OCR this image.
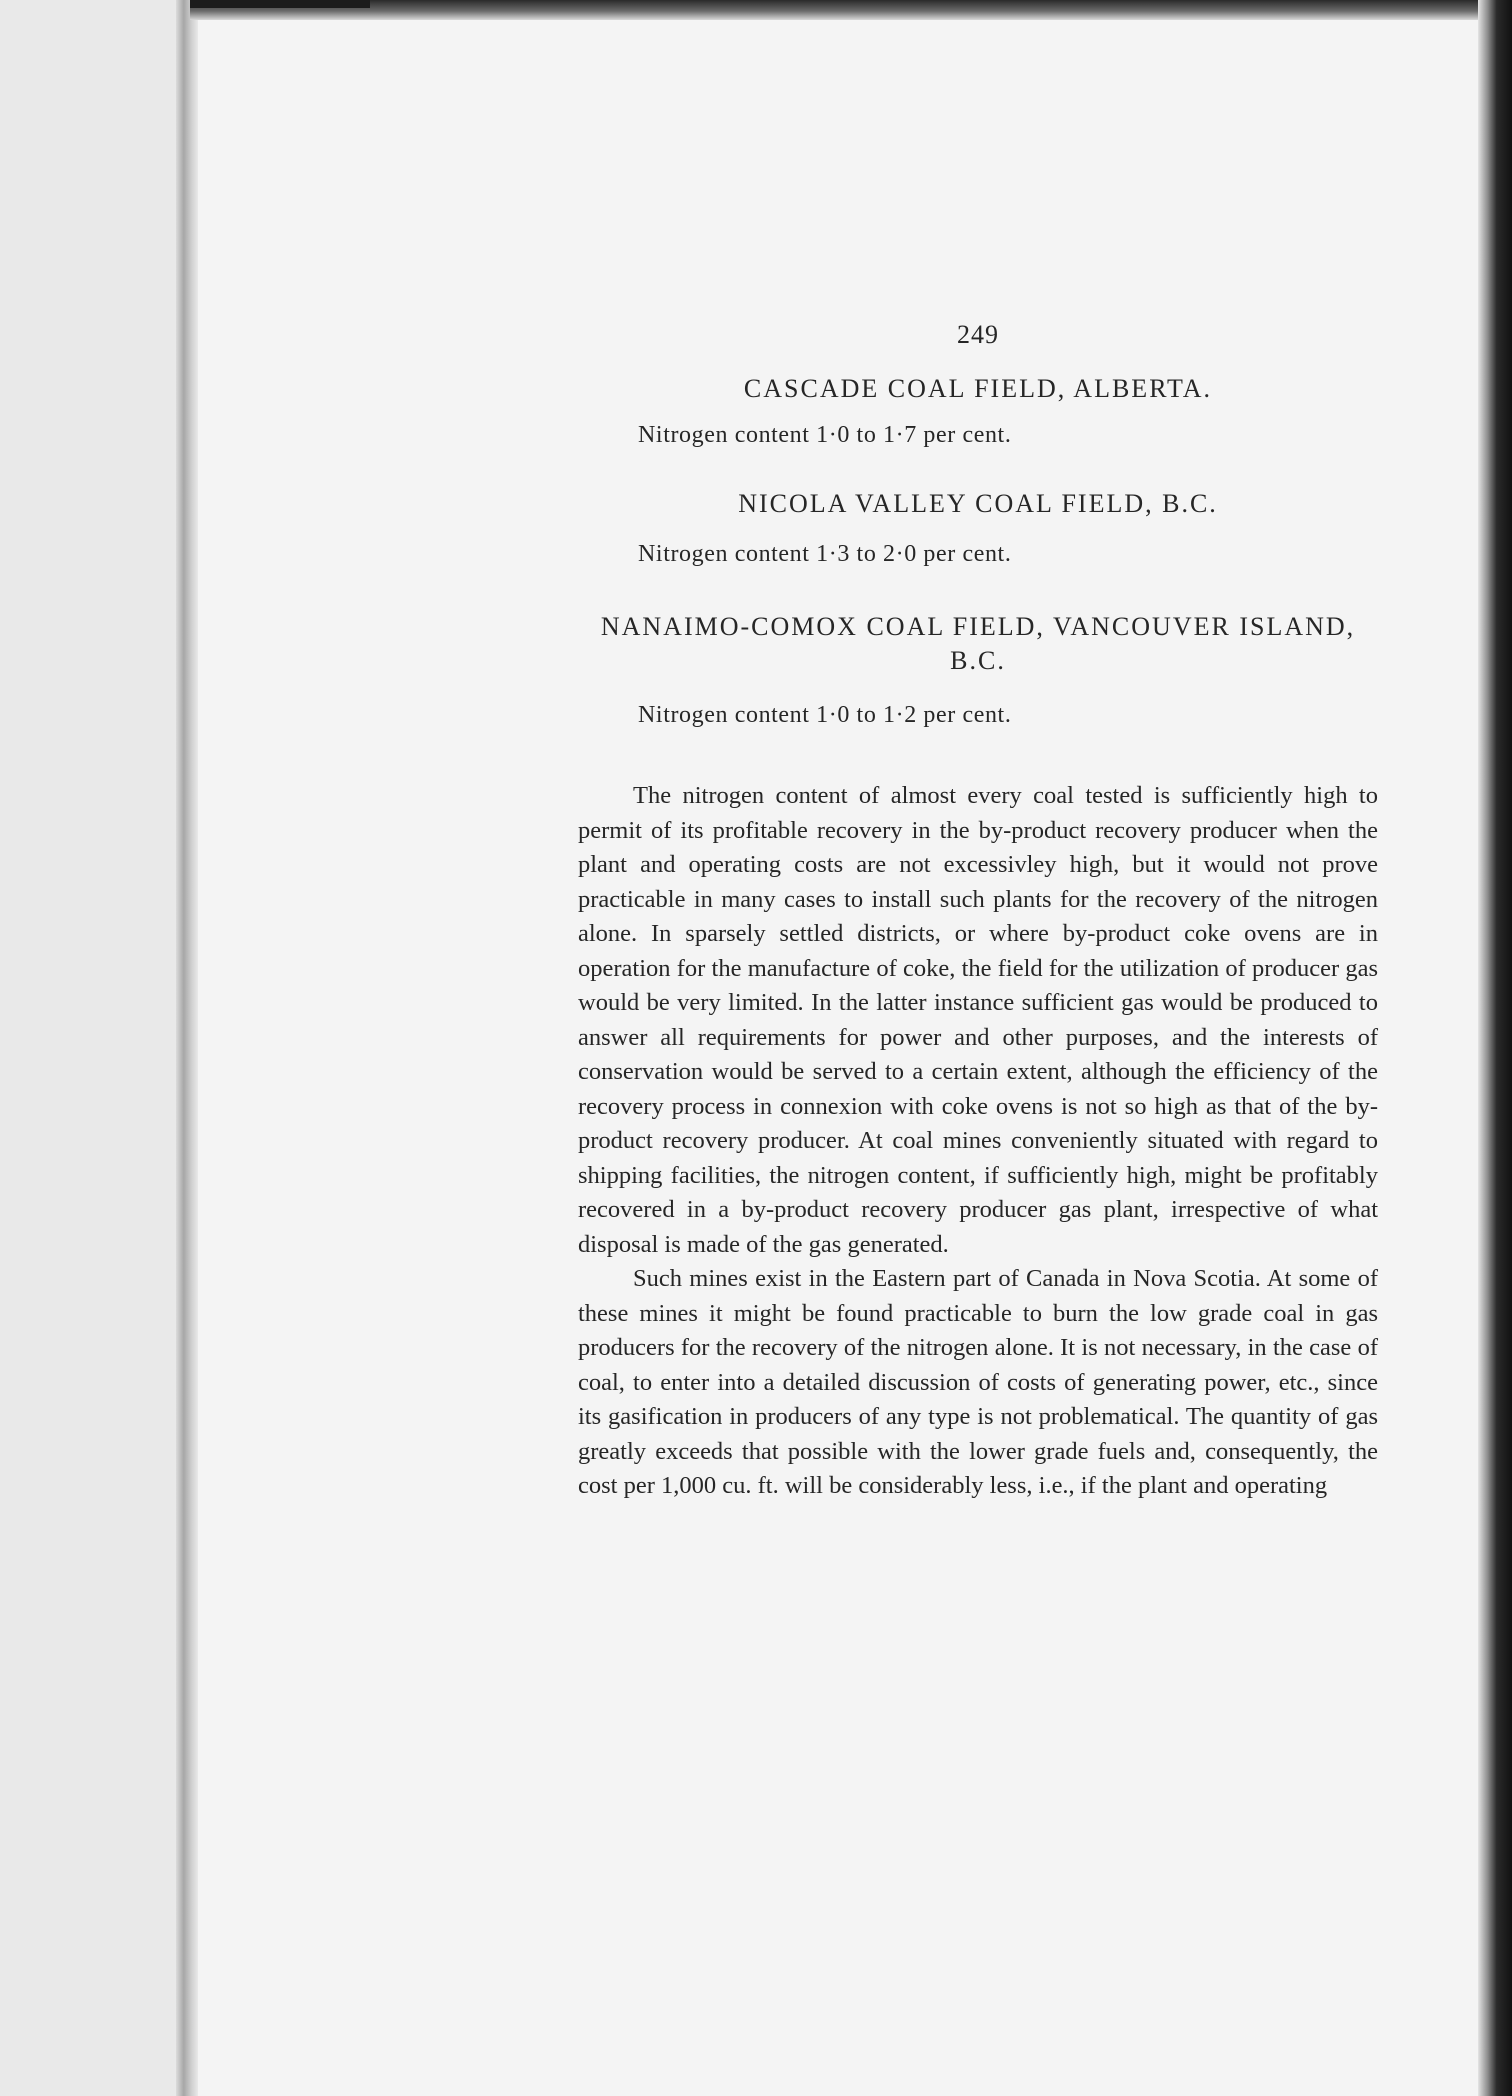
249
CASCADE COAL FIELD, ALBERTA.

Nitrogen content 1·0 to 1·7 per cent.

NICOLA VALLEY COAL FIELD, B.C.

Nitrogen content 1·3 to 2·0 per cent.

NANAIMO-COMOX COAL FIELD, VANCOUVER ISLAND, B.C.

Nitrogen content 1·0 to 1·2 per cent.

The nitrogen content of almost every coal tested is sufficiently high to permit of its profitable recovery in the by-product recovery producer when the plant and operating costs are not excessivley high, but it would not prove practicable in many cases to install such plants for the recovery of the nitrogen alone. In sparsely settled districts, or where by-product coke ovens are in operation for the manufacture of coke, the field for the utilization of producer gas would be very limited. In the latter instance sufficient gas would be produced to answer all requirements for power and other purposes, and the interests of conservation would be served to a certain extent, although the efficiency of the recovery process in connexion with coke ovens is not so high as that of the by-product recovery producer. At coal mines conveniently situated with regard to shipping facilities, the nitrogen content, if sufficiently high, might be profitably recovered in a by-product recovery producer gas plant, irrespective of what disposal is made of the gas generated.

Such mines exist in the Eastern part of Canada in Nova Scotia. At some of these mines it might be found practicable to burn the low grade coal in gas producers for the recovery of the nitrogen alone. It is not necessary, in the case of coal, to enter into a detailed discussion of costs of generating power, etc., since its gasification in producers of any type is not problematical. The quantity of gas greatly exceeds that possible with the lower grade fuels and, consequently, the cost per 1,000 cu. ft. will be considerably less, i.e., if the plant and operating
